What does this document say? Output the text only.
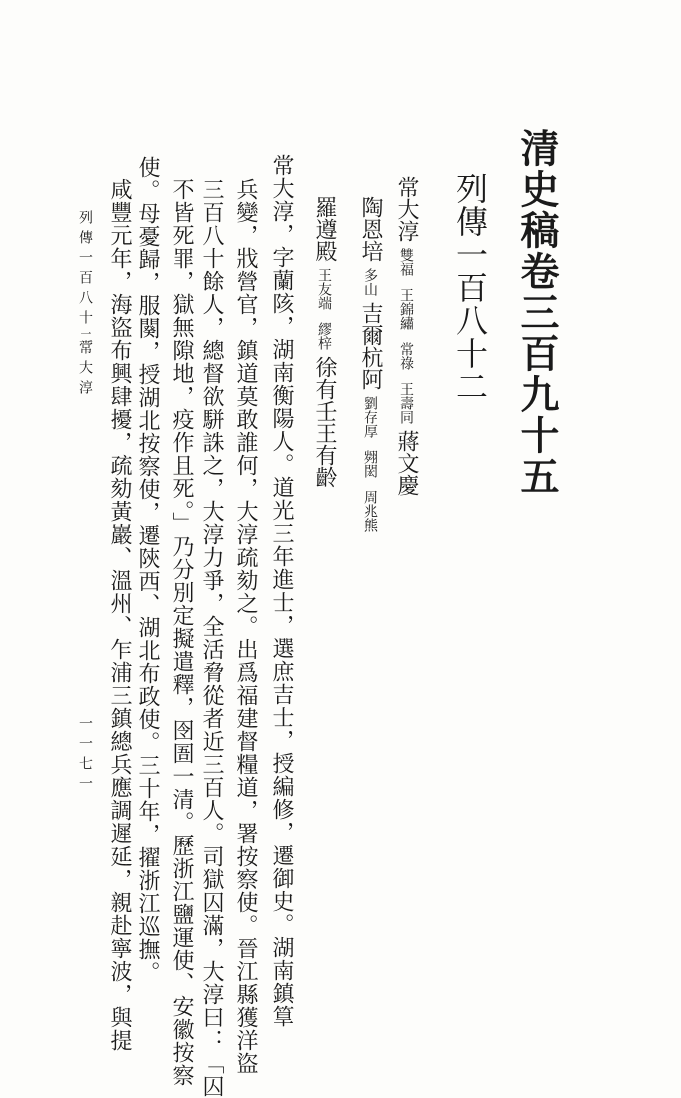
清史稿卷三百九十五
列傳一百八十二
常大淳雙福王錦繡常祿王壽同蔣文慶
陶恩培多山吉爾杭阿劉存厚翙閎周兆熊
羅遵殿王友端繆梓徐有壬王有齡
常大淳，字蘭陔，湖南衡陽人。道光三年進士，選庶吉士，授編修，遷御史。湖南鎮筸
兵變，戕營官，鎮道莫敢誰何，大淳疏劾之。出爲福建督糧道，署按察使。晉江縣獲洋盜
三百八十餘人，總督欲駢誅之，大淳力爭，全活脅從者近三百人。司獄囚滿，大淳曰：「囚
不皆死罪，獄無隙地，疫作且死。」乃分別定擬遣釋，囹圄一清。歷浙江鹽運使、安徽按察
使。母憂歸，服闋，授湖北按察使，遷陝西、湖北布政使。三十年，擢浙江巡撫。
咸豐元年，海盜布興肆擾，疏劾黃巖、溫州、乍浦三鎮總兵應調遲延，親赴寧波，與提
列傳一百八十二
常大淳
一一七一
